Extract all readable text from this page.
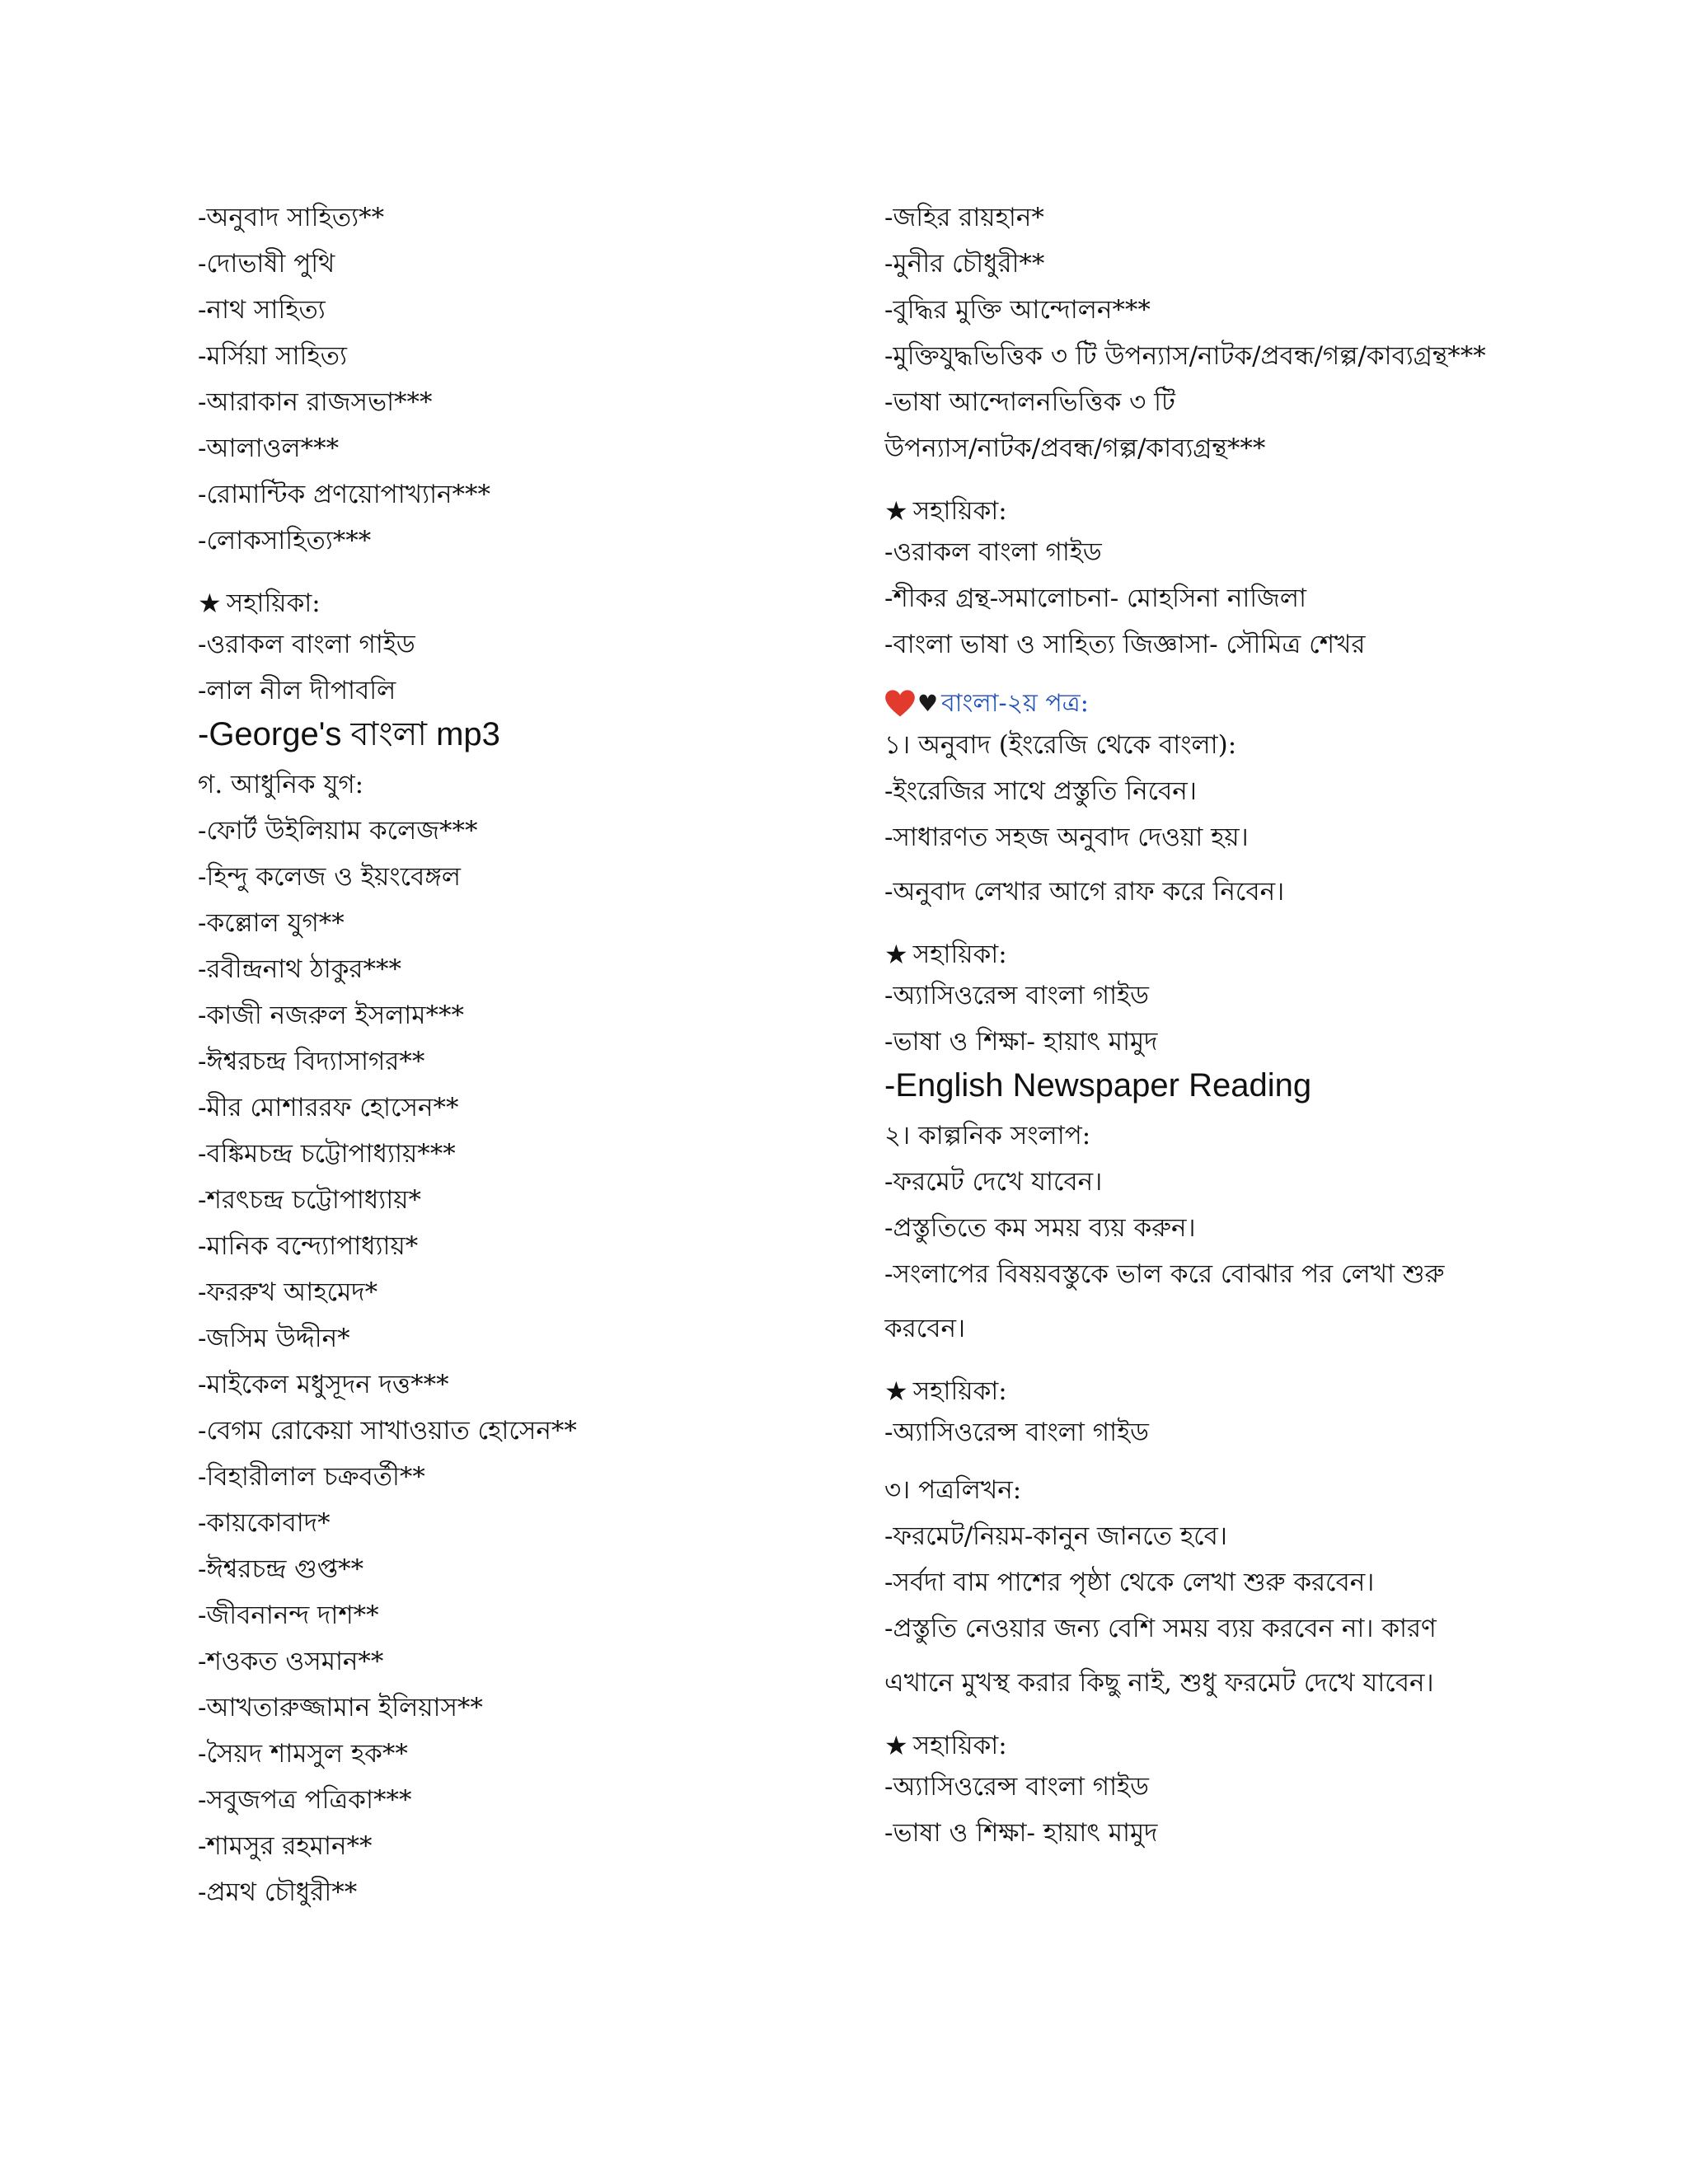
-অনুবাদ সাহিত্য**
-দোভাষী পুথি
-নাথ সাহিত্য
-মর্সিয়া সাহিত্য
-আরাকান রাজসভা***
-আলাওল***
-রোমান্টিক প্রণয়োপাখ্যান***
-লোকসাহিত্য***
★ সহায়িকা:
-ওরাকল বাংলা গাইড
-লাল নীল দীপাবলি
-George's বাংলা mp3
গ. আধুনিক যুগ:
-ফোর্ট উইলিয়াম কলেজ***
-হিন্দু কলেজ ও ইয়ংবেঙ্গল
-কল্লোল যুগ**
-রবীন্দ্রনাথ ঠাকুর***
-কাজী নজরুল ইসলাম***
-ঈশ্বরচন্দ্র বিদ্যাসাগর**
-মীর মোশাররফ হোসেন**
-বঙ্কিমচন্দ্র চট্টোপাধ্যায়***
-শরৎচন্দ্র চট্টোপাধ্যায়*
-মানিক বন্দ্যোপাধ্যায়*
-ফররুখ আহমেদ*
-জসিম উদ্দীন*
-মাইকেল মধুসূদন দত্ত***
-বেগম রোকেয়া সাখাওয়াত হোসেন**
-বিহারীলাল চক্রবর্তী**
-কায়কোবাদ*
-ঈশ্বরচন্দ্র গুপ্ত**
-জীবনানন্দ দাশ**
-শওকত ওসমান**
-আখতারুজ্জামান ইলিয়াস**
-সৈয়দ শামসুল হক**
-সবুজপত্র পত্রিকা***
-শামসুর রহমান**
-প্রমথ চৌধুরী**
-জহির রায়হান*
-মুনীর চৌধুরী**
-বুদ্ধির মুক্তি আন্দোলন***
-মুক্তিযুদ্ধভিত্তিক ৩ টি উপন্যাস/নাটক/প্রবন্ধ/গল্প/কাব্যগ্রন্থ***
-ভাষা আন্দোলনভিত্তিক ৩ টি
উপন্যাস/নাটক/প্রবন্ধ/গল্প/কাব্যগ্রন্থ***
★ সহায়িকা:
-ওরাকল বাংলা গাইড
-শীকর গ্রন্থ-সমালোচনা- মোহসিনা নাজিলা
-বাংলা ভাষা ও সাহিত্য জিজ্ঞাসা- সৌমিত্র শেখর
♥ বাংলা-২য় পত্র:
১। অনুবাদ (ইংরেজি থেকে বাংলা):
-ইংরেজির সাথে প্রস্তুতি নিবেন।
-সাধারণত সহজ অনুবাদ দেওয়া হয়।
-অনুবাদ লেখার আগে রাফ করে নিবেন।
★ সহায়িকা:
-অ্যাসিওরেন্স বাংলা গাইড
-ভাষা ও শিক্ষা- হায়াৎ মামুদ
-English Newspaper Reading
২। কাল্পনিক সংলাপ:
-ফরমেট দেখে যাবেন।
-প্রস্তুতিতে কম সময় ব্যয় করুন।
-সংলাপের বিষয়বস্তুকে ভাল করে বোঝার পর লেখা শুরু
করবেন।
★ সহায়িকা:
-অ্যাসিওরেন্স বাংলা গাইড
৩। পত্রলিখন:
-ফরমেট/নিয়ম-কানুন জানতে হবে।
-সর্বদা বাম পাশের পৃষ্ঠা থেকে লেখা শুরু করবেন।
-প্রস্তুতি নেওয়ার জন্য বেশি সময় ব্যয় করবেন না। কারণ
এখানে মুখস্থ করার কিছু নাই, শুধু ফরমেট দেখে যাবেন।
★ সহায়িকা:
-অ্যাসিওরেন্স বাংলা গাইড
-ভাষা ও শিক্ষা- হায়াৎ মামুদ
